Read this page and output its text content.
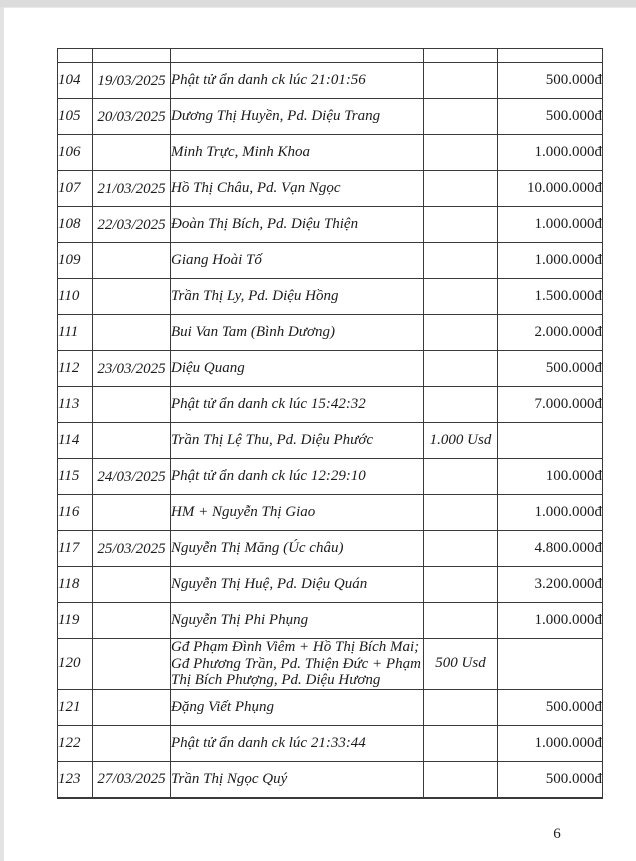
104	19/03/2025	Phật tử ẩn danh ck lúc 21:01:56		500.000đ
105	20/03/2025	Dương Thị Huyền, Pd. Diệu Trang		500.000đ
106		Minh Trực, Minh Khoa		1.000.000đ
107	21/03/2025	Hồ Thị Châu, Pd. Vạn Ngọc		10.000.000đ
108	22/03/2025	Đoàn Thị Bích, Pd. Diệu Thiện		1.000.000đ
109		Giang Hoài Tố		1.000.000đ
110		Trần Thị Ly, Pd. Diệu Hồng		1.500.000đ
111		Bui Van Tam (Bình Dương)		2.000.000đ
112	23/03/2025	Diệu Quang		500.000đ
113		Phật tử ẩn danh ck lúc 15:42:32		7.000.000đ
114		Trần Thị Lệ Thu, Pd. Diệu Phước	1.000 Usd	
115	24/03/2025	Phật tử ẩn danh ck lúc 12:29:10		100.000đ
116		HM + Nguyễn Thị Giao		1.000.000đ
117	25/03/2025	Nguyễn Thị Măng (Úc châu)		4.800.000đ
118		Nguyễn Thị Huệ, Pd. Diệu Quán		3.200.000đ
119		Nguyễn Thị Phi Phụng		1.000.000đ
120		Gđ Phạm Đình Viêm + Hồ Thị Bích Mai; Gđ Phương Trần, Pd. Thiện Đức + Phạm Thị Bích Phượng, Pd. Diệu Hương	500 Usd	
121		Đặng Viết Phụng		500.000đ
122		Phật tử ẩn danh ck lúc 21:33:44		1.000.000đ
123	27/03/2025	Trần Thị Ngọc Quý		500.000đ
6
